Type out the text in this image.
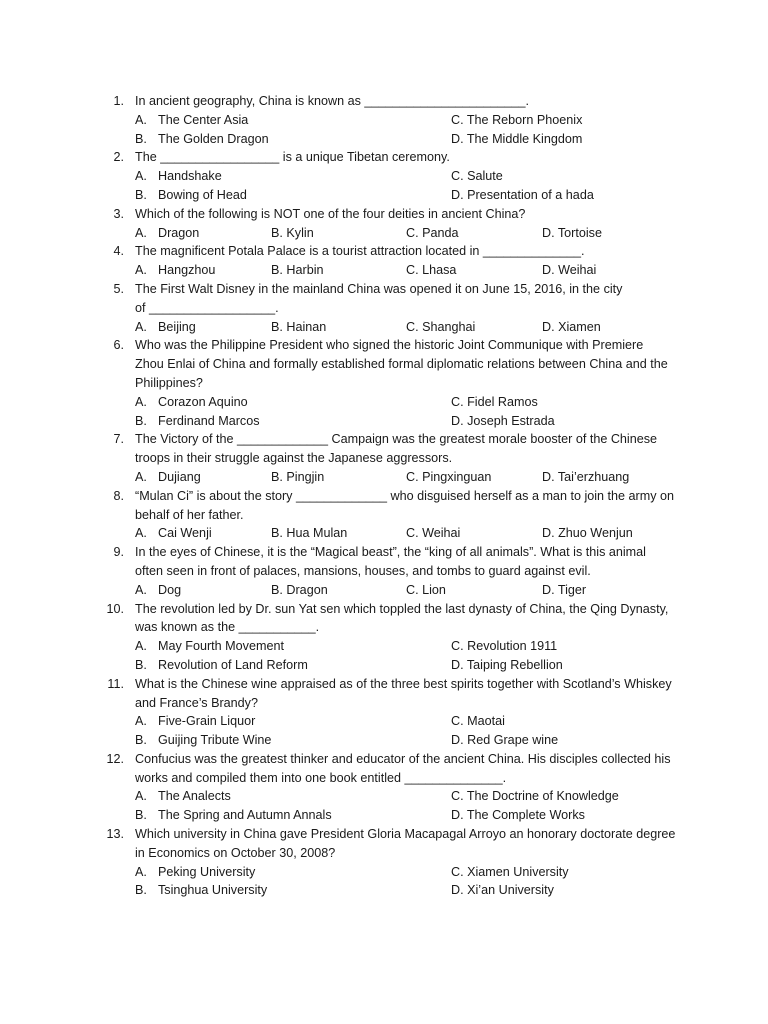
1. In ancient geography, China is known as _______________________.
A. The Center Asia	C. The Reborn Phoenix
B. The Golden Dragon	D. The Middle Kingdom
2. The _________________ is a unique Tibetan ceremony.
A. Handshake	C. Salute
B. Bowing of Head	D. Presentation of a hada
3. Which of the following is NOT one of the four deities in ancient China?
A. Dragon	B. Kylin	C. Panda	D. Tortoise
4. The magnificent Potala Palace is a tourist attraction located in ______________.
A. Hangzhou	B. Harbin	C. Lhasa	D. Weihai
5. The First Walt Disney in the mainland China was opened it on June 15, 2016, in the city
of __________________.
A. Beijing	B. Hainan	C. Shanghai	D. Xiamen
6. Who was the Philippine President who signed the historic Joint Communique with Premiere
Zhou Enlai of China and formally established formal diplomatic relations between China and the
Philippines?
A. Corazon Aquino	C. Fidel Ramos
B. Ferdinand Marcos	D. Joseph Estrada
7. The Victory of the _____________ Campaign was the greatest morale booster of the Chinese
troops in their struggle against the Japanese aggressors.
A. Dujiang	B. Pingjin	C. Pingxinguan	D. Tai’erzhuang
8. “Mulan Ci” is about the story _____________ who disguised herself as a man to join the army on
behalf of her father.
A. Cai Wenji	B. Hua Mulan	C. Weihai	D. Zhuo Wenjun
9. In the eyes of Chinese, it is the “Magical beast”, the “king of all animals”. What is this animal
often seen in front of palaces, mansions, houses, and tombs to guard against evil.
A. Dog	B. Dragon	C. Lion	D. Tiger
10. The revolution led by Dr. sun Yat sen which toppled the last dynasty of China, the Qing Dynasty,
was known as the ___________.
A. May Fourth Movement	C. Revolution 1911
B. Revolution of Land Reform	D. Taiping Rebellion
11. What is the Chinese wine appraised as of the three best spirits together with Scotland’s Whiskey
and France’s Brandy?
A. Five-Grain Liquor	C. Maotai
B. Guijing Tribute Wine	D. Red Grape wine
12. Confucius was the greatest thinker and educator of the ancient China. His disciples collected his
works and compiled them into one book entitled ______________.
A. The Analects	C. The Doctrine of Knowledge
B. The Spring and Autumn Annals	D. The Complete Works
13. Which university in China gave President Gloria Macapagal Arroyo an honorary doctorate degree
in Economics on October 30, 2008?
A. Peking University	C. Xiamen University
B. Tsinghua University	D. Xi’an University
